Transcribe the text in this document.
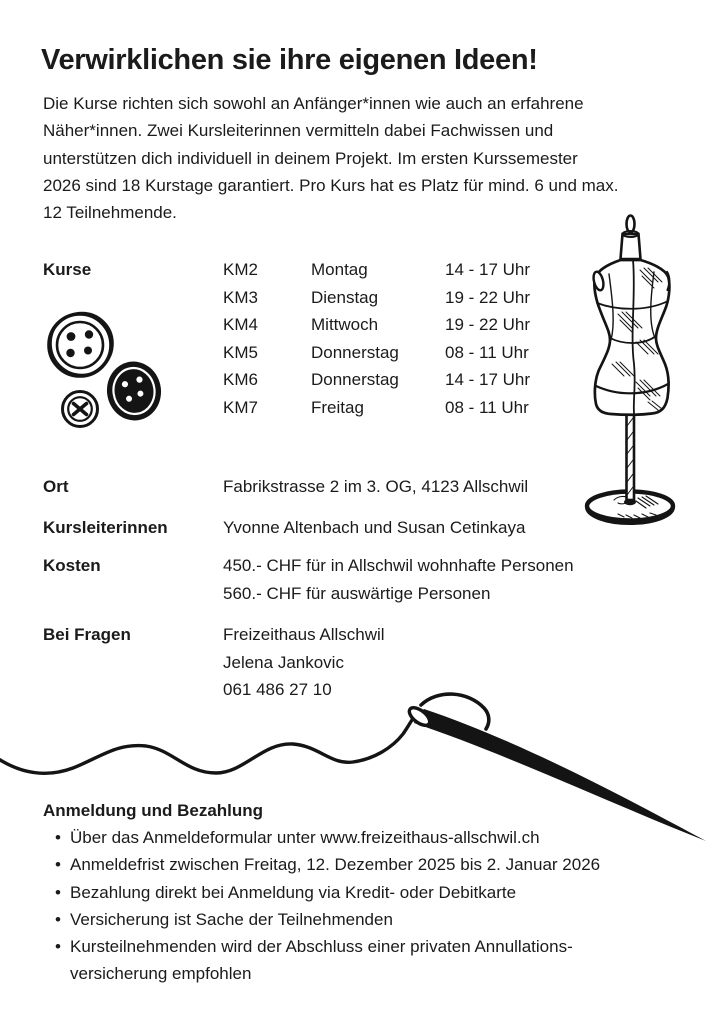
Verwirklichen sie ihre eigenen Ideen!
Die Kurse richten sich sowohl an Anfänger*innen wie auch an erfahrene
Näher*innen. Zwei Kursleiterinnen vermitteln dabei Fachwissen und
unterstützen dich individuell in deinem Projekt. Im ersten Kurssemester
2026 sind 18 Kurstage garantiert. Pro Kurs hat es Platz für mind. 6 und max.
12 Teilnehmende.
Kurse	KM2	Montag	14 - 17 Uhr
KM3	Dienstag	19 - 22 Uhr
KM4	Mittwoch	19 - 22 Uhr
KM5	Donnerstag	08 - 11 Uhr
KM6	Donnerstag	14 - 17 Uhr
KM7	Freitag	08 - 11 Uhr
Ort	Fabrikstrasse 2 im 3. OG, 4123 Allschwil
Kursleiterinnen	Yvonne Altenbach und Susan Cetinkaya
Kosten	450.- CHF für in Allschwil wohnhafte Personen
560.- CHF für auswärtige Personen
Bei Fragen	Freizeithaus Allschwil
Jelena Jankovic
061 486 27 10
Anmeldung und Bezahlung
• Über das Anmeldeformular unter www.freizeithaus-allschwil.ch
• Anmeldefrist zwischen Freitag, 12. Dezember 2025 bis 2. Januar 2026
• Bezahlung direkt bei Anmeldung via Kredit- oder Debitkarte
• Versicherung ist Sache der Teilnehmenden
• Kursteilnehmenden wird der Abschluss einer privaten Annullations-
versicherung empfohlen
